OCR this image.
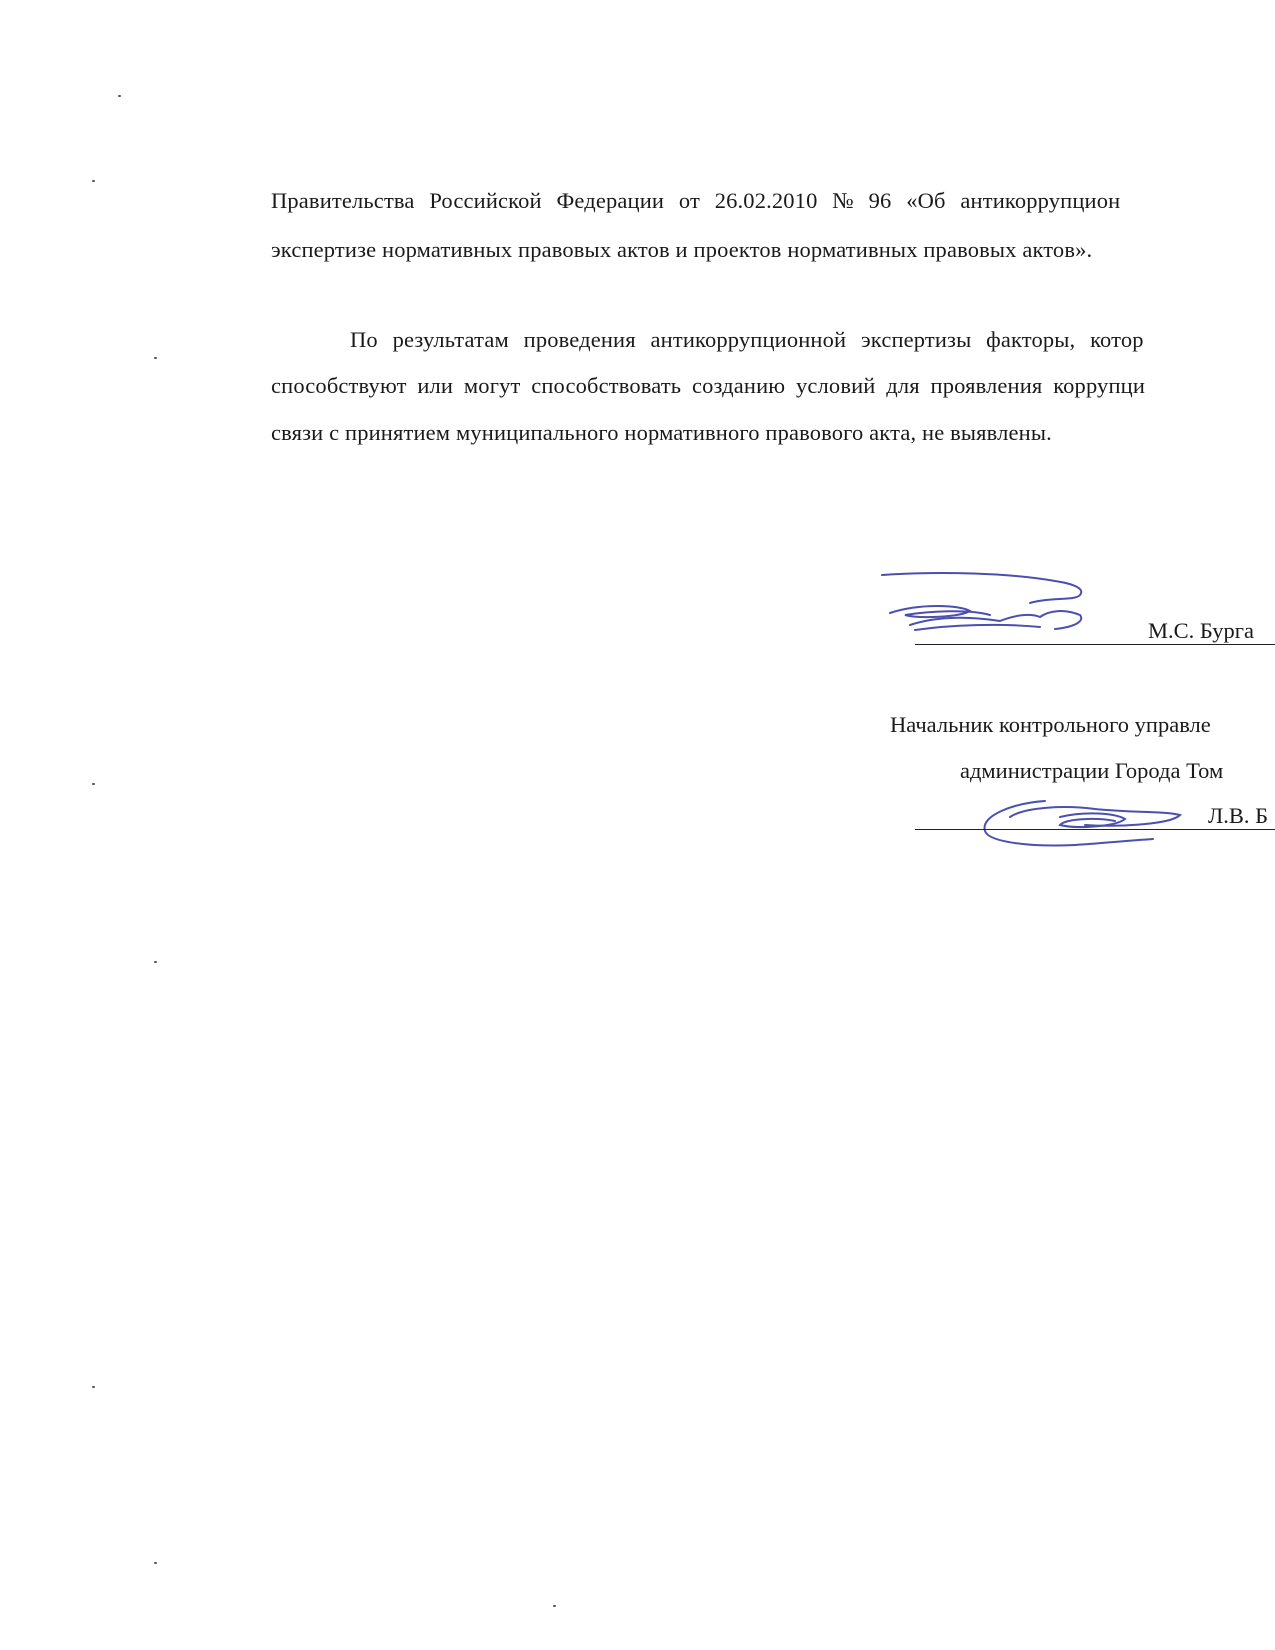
Правительства Российской Федерации от 26.02.2010 № 96 «Об антикоррупцион
экспертизе нормативных правовых актов и проектов нормативных правовых актов».
По результатам проведения антикоррупционной экспертизы факторы, котор
способствуют или могут способствовать созданию условий для проявления коррупци
связи с принятием муниципального нормативного правового акта, не выявлены.
М.С. Бурга
Начальник контрольного управле
администрации Города Том
Л.В. Б
